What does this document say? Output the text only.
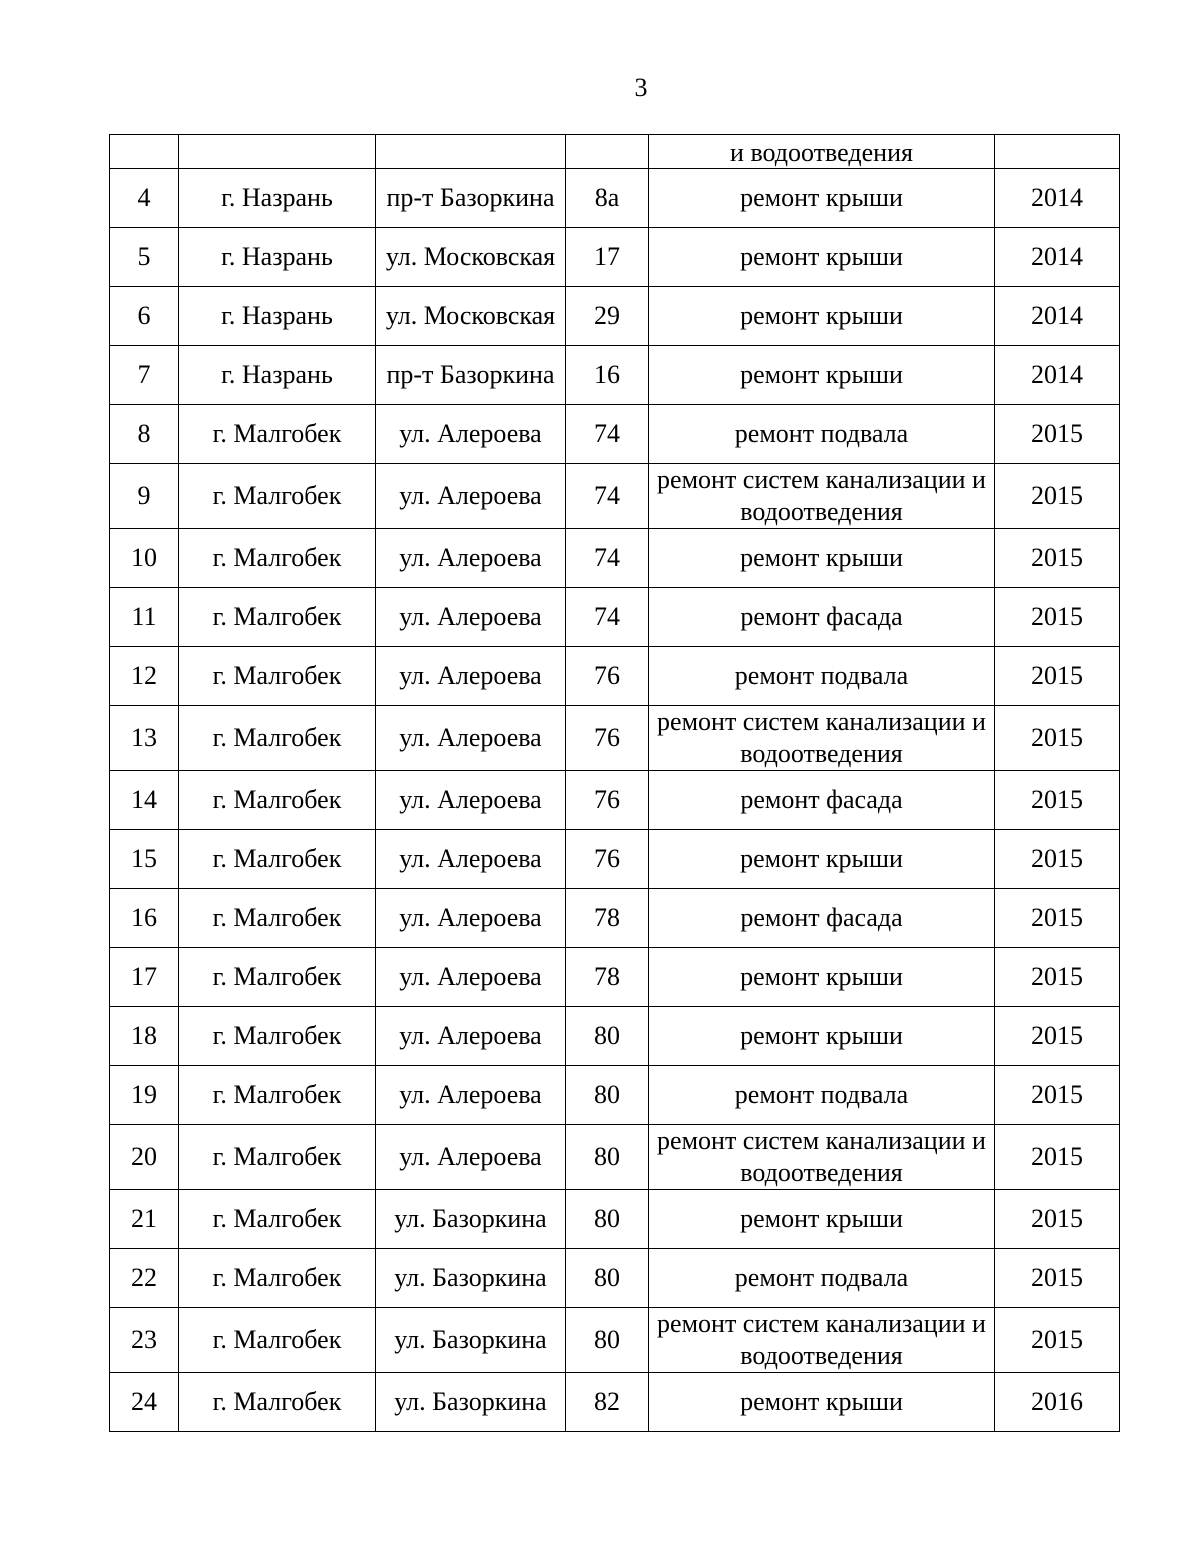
3
				и водоотведения	
4	г. Назрань	пр-т Базоркина	8а	ремонт крыши	2014
5	г. Назрань	ул. Московская	17	ремонт крыши	2014
6	г. Назрань	ул. Московская	29	ремонт крыши	2014
7	г. Назрань	пр-т Базоркина	16	ремонт крыши	2014
8	г. Малгобек	ул. Алероева	74	ремонт подвала	2015
9	г. Малгобек	ул. Алероева	74	ремонт систем канализации и водоотведения	2015
10	г. Малгобек	ул. Алероева	74	ремонт крыши	2015
11	г. Малгобек	ул. Алероева	74	ремонт фасада	2015
12	г. Малгобек	ул. Алероева	76	ремонт подвала	2015
13	г. Малгобек	ул. Алероева	76	ремонт систем канализации и водоотведения	2015
14	г. Малгобек	ул. Алероева	76	ремонт фасада	2015
15	г. Малгобек	ул. Алероева	76	ремонт крыши	2015
16	г. Малгобек	ул. Алероева	78	ремонт фасада	2015
17	г. Малгобек	ул. Алероева	78	ремонт крыши	2015
18	г. Малгобек	ул. Алероева	80	ремонт крыши	2015
19	г. Малгобек	ул. Алероева	80	ремонт подвала	2015
20	г. Малгобек	ул. Алероева	80	ремонт систем канализации и водоотведения	2015
21	г. Малгобек	ул. Базоркина	80	ремонт крыши	2015
22	г. Малгобек	ул. Базоркина	80	ремонт подвала	2015
23	г. Малгобек	ул. Базоркина	80	ремонт систем канализации и водоотведения	2015
24	г. Малгобек	ул. Базоркина	82	ремонт крыши	2016
